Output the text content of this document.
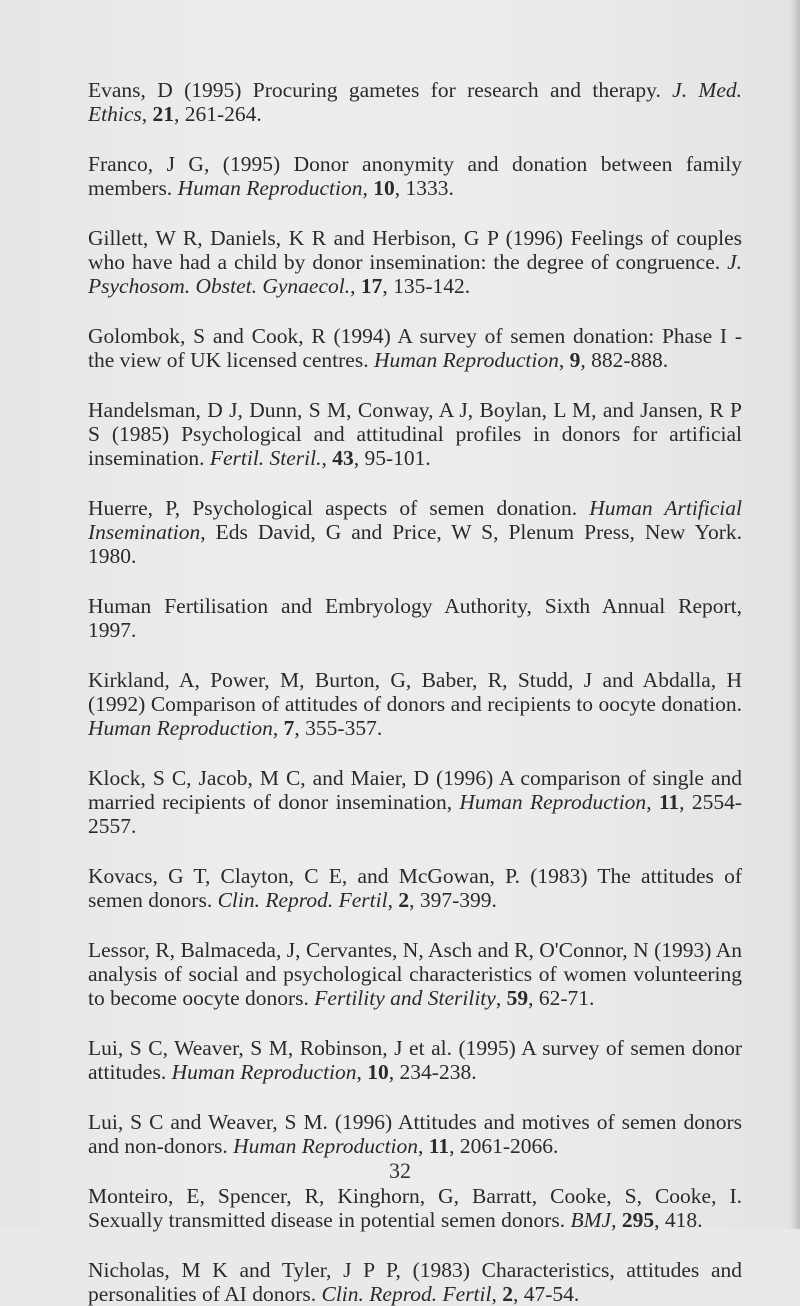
Evans, D (1995) Procuring gametes for research and therapy. J. Med. Ethics, 21, 261-264.
Franco, J G, (1995) Donor anonymity and donation between family members. Human Reproduction, 10, 1333.
Gillett, W R, Daniels, K R and Herbison, G P (1996) Feelings of couples who have had a child by donor insemination: the degree of congruence. J. Psychosom. Obstet. Gynaecol., 17, 135-142.
Golombok, S and Cook, R (1994) A survey of semen donation: Phase I - the view of UK licensed centres. Human Reproduction, 9, 882-888.
Handelsman, D J, Dunn, S M, Conway, A J, Boylan, L M, and Jansen, R P S (1985) Psychological and attitudinal profiles in donors for artificial insemination. Fertil. Steril., 43, 95-101.
Huerre, P, Psychological aspects of semen donation. Human Artificial Insemination, Eds David, G and Price, W S, Plenum Press, New York. 1980.
Human Fertilisation and Embryology Authority, Sixth Annual Report, 1997.
Kirkland, A, Power, M, Burton, G, Baber, R, Studd, J and Abdalla, H (1992) Comparison of attitudes of donors and recipients to oocyte donation. Human Reproduction, 7, 355-357.
Klock, S C, Jacob, M C, and Maier, D (1996) A comparison of single and married recipients of donor insemination, Human Reproduction, 11, 2554-2557.
Kovacs, G T, Clayton, C E, and McGowan, P. (1983) The attitudes of semen donors. Clin. Reprod. Fertil, 2, 397-399.
Lessor, R, Balmaceda, J, Cervantes, N, Asch and R, O'Connor, N (1993) An analysis of social and psychological characteristics of women volunteering to become oocyte donors. Fertility and Sterility, 59, 62-71.
Lui, S C, Weaver, S M, Robinson, J et al. (1995) A survey of semen donor attitudes. Human Reproduction, 10, 234-238.
Lui, S C and Weaver, S M. (1996) Attitudes and motives of semen donors and non-donors. Human Reproduction, 11, 2061-2066.
Monteiro, E, Spencer, R, Kinghorn, G, Barratt, Cooke, S, Cooke, I. Sexually transmitted disease in potential semen donors. BMJ, 295, 418.
Nicholas, M K and Tyler, J P P, (1983) Characteristics, attitudes and personalities of AI donors. Clin. Reprod. Fertil, 2, 47-54.
32
